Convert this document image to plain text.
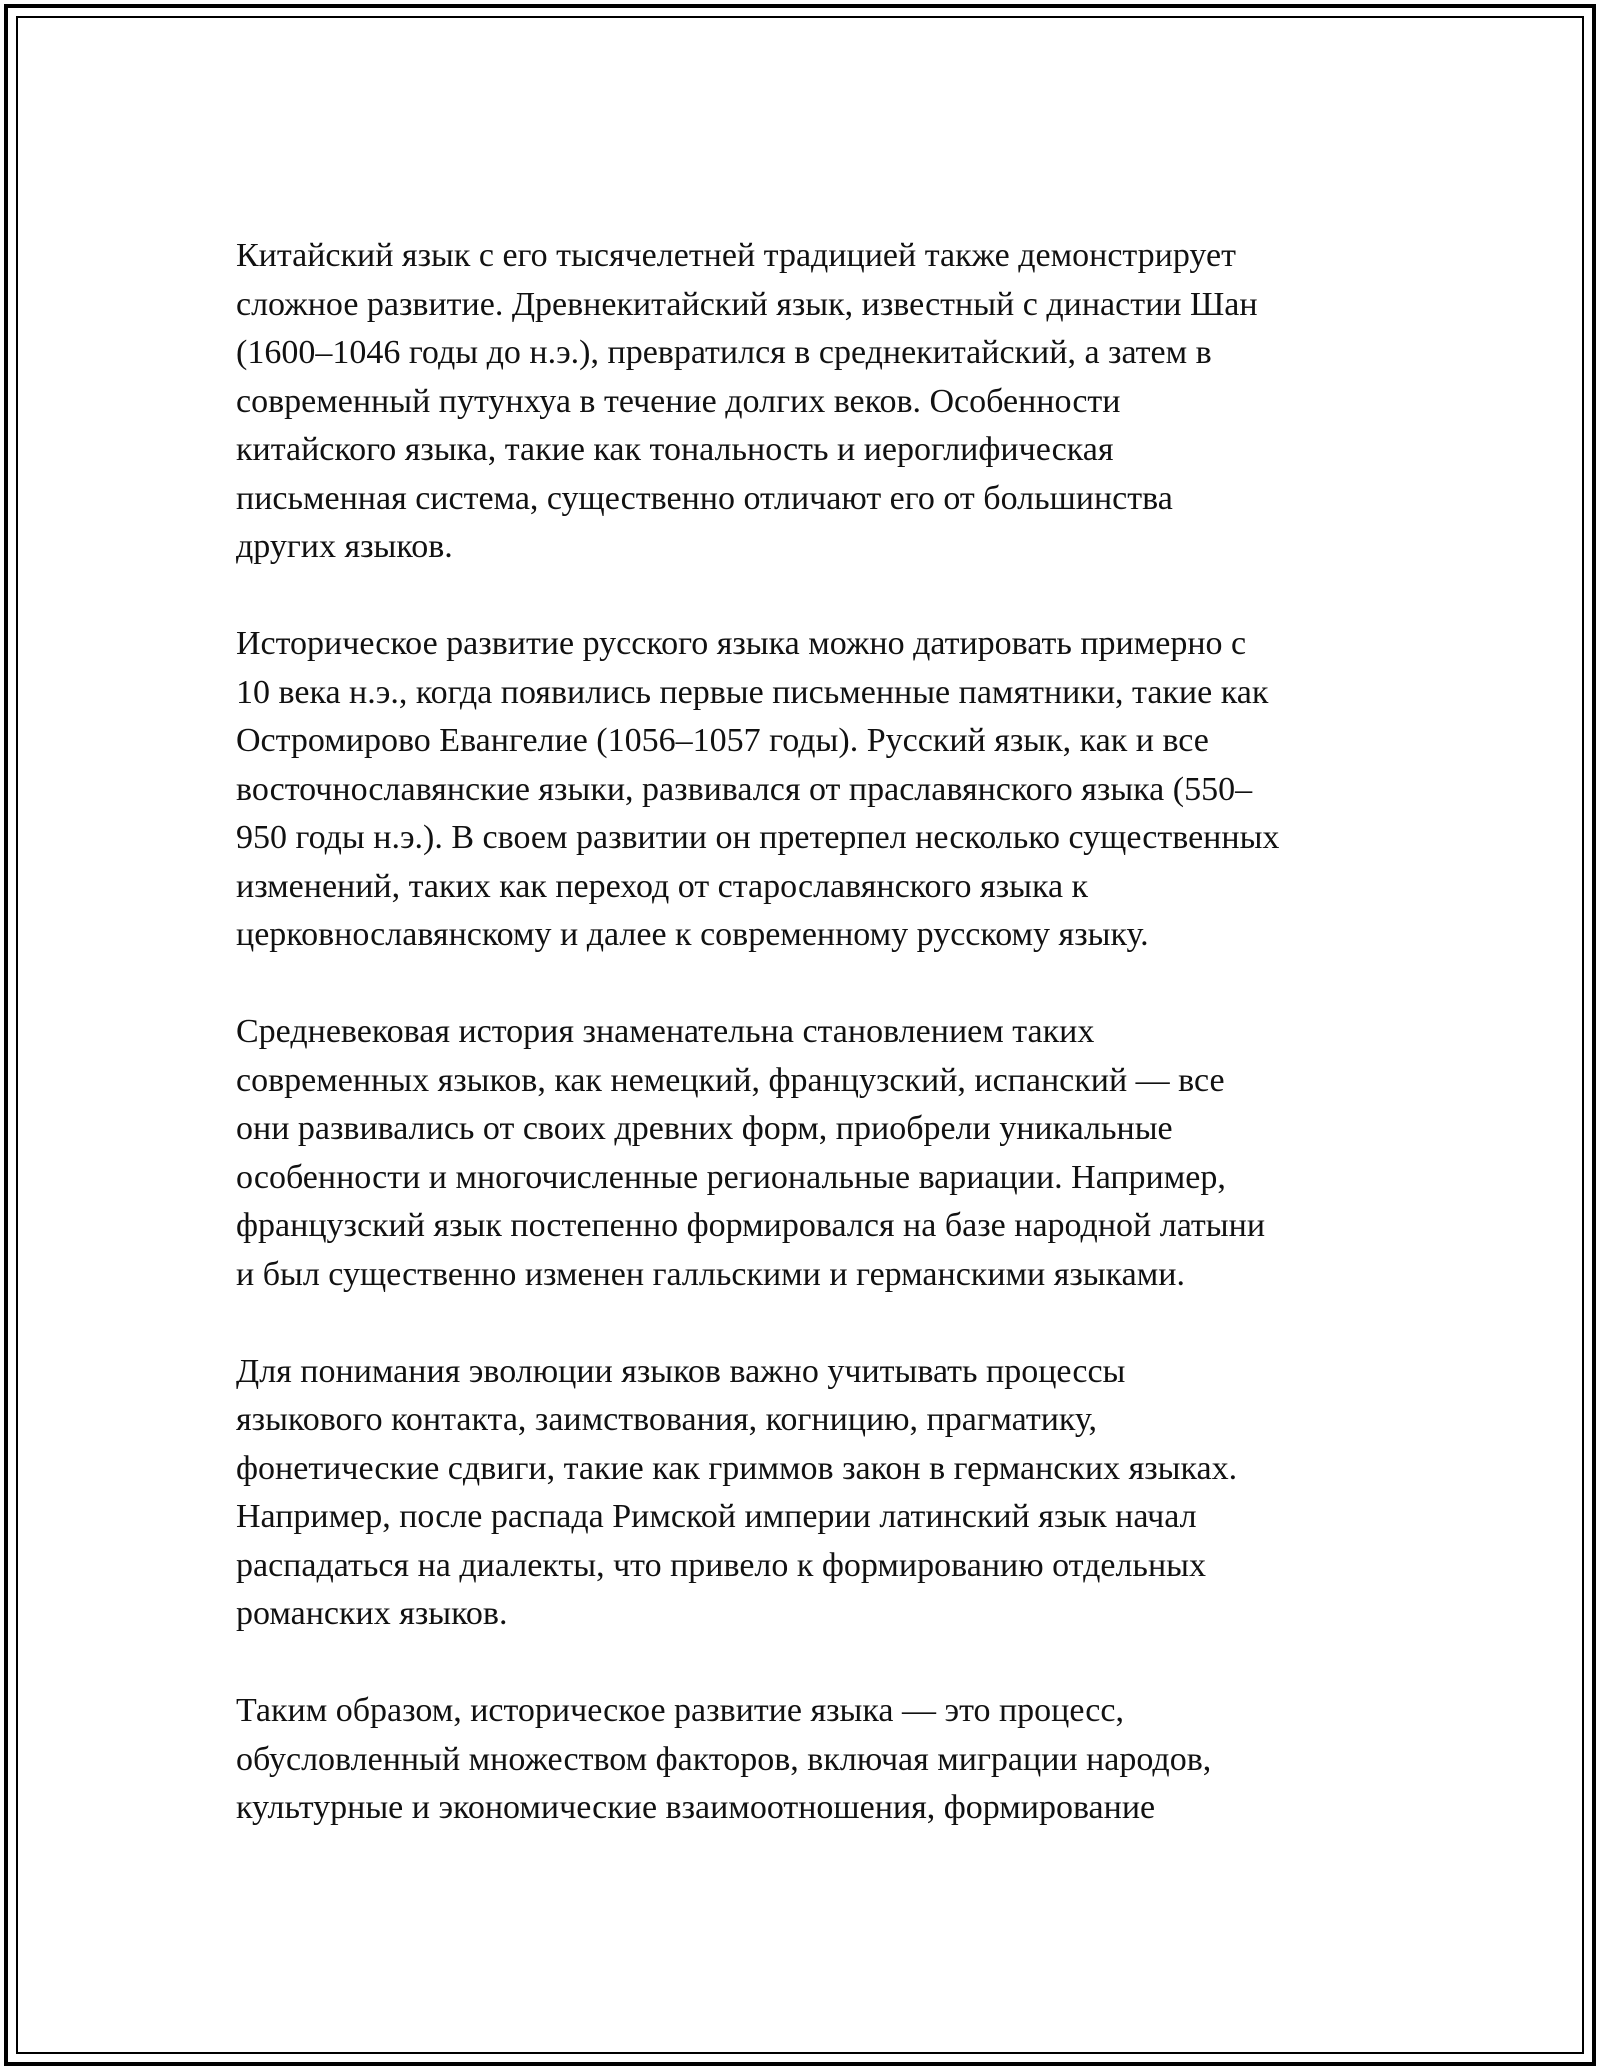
Китайский язык с его тысячелетней традицией также демонстрирует
сложное развитие. Древнекитайский язык, известный с династии Шан
(1600–1046 годы до н.э.), превратился в среднекитайский, а затем в
современный путунхуа в течение долгих веков. Особенности
китайского языка, такие как тональность и иероглифическая
письменная система, существенно отличают его от большинства
других языков.

Историческое развитие русского языка можно датировать примерно с
10 века н.э., когда появились первые письменные памятники, такие как
Остромирово Евангелие (1056–1057 годы). Русский язык, как и все
восточнославянские языки, развивался от праславянского языка (550–
950 годы н.э.). В своем развитии он претерпел несколько существенных
изменений, таких как переход от старославянского языка к
церковнославянскому и далее к современному русскому языку.

Средневековая история знаменательна становлением таких
современных языков, как немецкий, французский, испанский — все
они развивались от своих древних форм, приобрели уникальные
особенности и многочисленные региональные вариации. Например,
французский язык постепенно формировался на базе народной латыни
и был существенно изменен галльскими и германскими языками.

Для понимания эволюции языков важно учитывать процессы
языкового контакта, заимствования, когницию, прагматику,
фонетические сдвиги, такие как гриммов закон в германских языках.
Например, после распада Римской империи латинский язык начал
распадаться на диалекты, что привело к формированию отдельных
романских языков.

Таким образом, историческое развитие языка — это процесс,
обусловленный множеством факторов, включая миграции народов,
культурные и экономические взаимоотношения, формирование
